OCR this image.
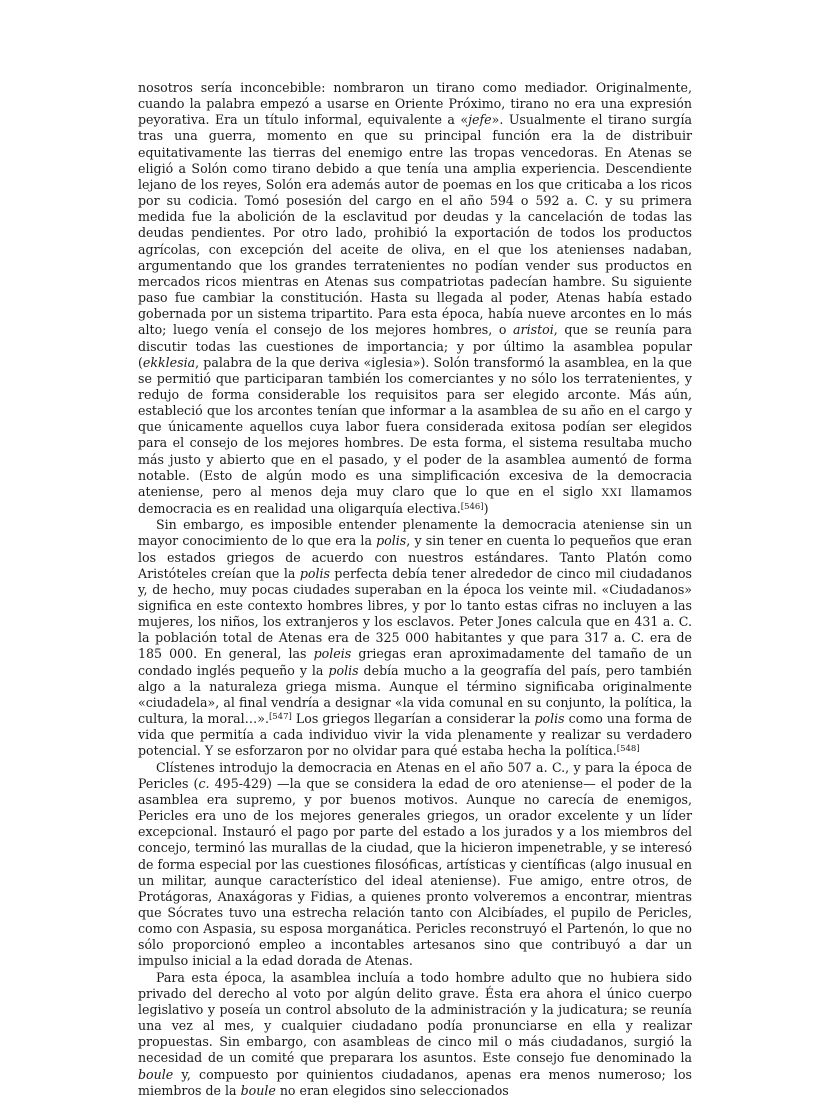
nosotros sería inconcebible: nombraron un tirano como mediador. Originalmente, cuando la palabra empezó a usarse en Oriente Próximo, tirano no era una expresión peyorativa. Era un título informal, equivalente a «jefe». Usualmente el tirano surgía tras una guerra, momento en que su principal función era la de distribuir equitativamente las tierras del enemigo entre las tropas vencedoras. En Atenas se eligió a Solón como tirano debido a que tenía una amplia experiencia. Descendiente lejano de los reyes, Solón era además autor de poemas en los que criticaba a los ricos por su codicia. Tomó posesión del cargo en el año 594 o 592 a. C. y su primera medida fue la abolición de la esclavitud por deudas y la cancelación de todas las deudas pendientes. Por otro lado, prohibió la exportación de todos los productos agrícolas, con excepción del aceite de oliva, en el que los atenienses nadaban, argumentando que los grandes terratenientes no podían vender sus productos en mercados ricos mientras en Atenas sus compatriotas padecían hambre. Su siguiente paso fue cambiar la constitución. Hasta su llegada al poder, Atenas había estado gobernada por un sistema tripartito. Para esta época, había nueve arcontes en lo más alto; luego venía el consejo de los mejores hombres, o aristoi, que se reunía para discutir todas las cuestiones de importancia; y por último la asamblea popular (ekklesia, palabra de la que deriva «iglesia»). Solón transformó la asamblea, en la que se permitió que participaran también los comerciantes y no sólo los terratenientes, y redujo de forma considerable los requisitos para ser elegido arconte. Más aún, estableció que los arcontes tenían que informar a la asamblea de su año en el cargo y que únicamente aquellos cuya labor fuera considerada exitosa podían ser elegidos para el consejo de los mejores hombres. De esta forma, el sistema resultaba mucho más justo y abierto que en el pasado, y el poder de la asamblea aumentó de forma notable. (Esto de algún modo es una simplificación excesiva de la democracia ateniense, pero al menos deja muy claro que lo que en el siglo XXI llamamos democracia es en realidad una oligarquía electiva.[546])

Sin embargo, es imposible entender plenamente la democracia ateniense sin un mayor conocimiento de lo que era la polis, y sin tener en cuenta lo pequeños que eran los estados griegos de acuerdo con nuestros estándares. Tanto Platón como Aristóteles creían que la polis perfecta debía tener alrededor de cinco mil ciudadanos y, de hecho, muy pocas ciudades superaban en la época los veinte mil. «Ciudadanos» significa en este contexto hombres libres, y por lo tanto estas cifras no incluyen a las mujeres, los niños, los extranjeros y los esclavos. Peter Jones calcula que en 431 a. C. la población total de Atenas era de 325 000 habitantes y que para 317 a. C. era de 185 000. En general, las poleis griegas eran aproximadamente del tamaño de un condado inglés pequeño y la polis debía mucho a la geografía del país, pero también algo a la naturaleza griega misma. Aunque el término significaba originalmente «ciudadela», al final vendría a designar «la vida comunal en su conjunto, la política, la cultura, la moral…».[547] Los griegos llegarían a considerar la polis como una forma de vida que permitía a cada individuo vivir la vida plenamente y realizar su verdadero potencial. Y se esforzaron por no olvidar para qué estaba hecha la política.[548]

Clístenes introdujo la democracia en Atenas en el año 507 a. C., y para la época de Pericles (c. 495-429) —la que se considera la edad de oro ateniense— el poder de la asamblea era supremo, y por buenos motivos. Aunque no carecía de enemigos, Pericles era uno de los mejores generales griegos, un orador excelente y un líder excepcional. Instauró el pago por parte del estado a los jurados y a los miembros del concejo, terminó las murallas de la ciudad, que la hicieron impenetrable, y se interesó de forma especial por las cuestiones filosóficas, artísticas y científicas (algo inusual en un militar, aunque característico del ideal ateniense). Fue amigo, entre otros, de Protágoras, Anaxágoras y Fidias, a quienes pronto volveremos a encontrar, mientras que Sócrates tuvo una estrecha relación tanto con Alcibíades, el pupilo de Pericles, como con Aspasia, su esposa morganática. Pericles reconstruyó el Partenón, lo que no sólo proporcionó empleo a incontables artesanos sino que contribuyó a dar un impulso inicial a la edad dorada de Atenas.

Para esta época, la asamblea incluía a todo hombre adulto que no hubiera sido privado del derecho al voto por algún delito grave. Ésta era ahora el único cuerpo legislativo y poseía un control absoluto de la administración y la judicatura; se reunía una vez al mes, y cualquier ciudadano podía pronunciarse en ella y realizar propuestas. Sin embargo, con asambleas de cinco mil o más ciudadanos, surgió la necesidad de un comité que preparara los asuntos. Este consejo fue denominado la boule y, compuesto por quinientos ciudadanos, apenas era menos numeroso; los miembros de la boule no eran elegidos sino seleccionados
